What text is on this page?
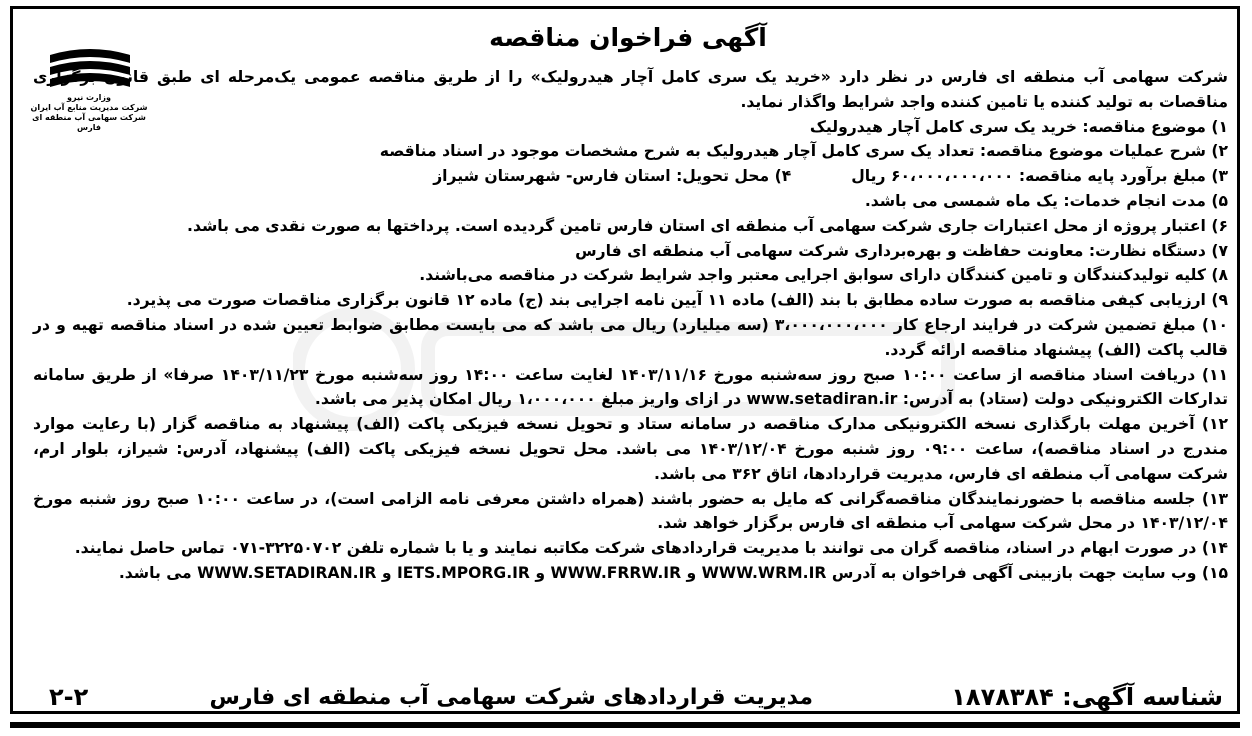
آگهی فراخوان مناقصه
وزارت نیرو
شرکت مدیریت منابع آب ایران
شرکت سهامی آب منطقه ای فارس

شرکت سهامی آب منطقه ای فارس در نظر دارد «خرید یک سری کامل آچار هیدرولیک» را از طریق مناقصه عمومی یک‌مرحله ای طبق قانون برگزاری مناقصات به تولید کننده یا تامین کننده واجد شرایط واگذار نماید.

۱) موضوع مناقصه: خرید یک سری کامل آچار هیدرولیک

۲) شرح عملیات موضوع مناقصه: تعداد یک سری کامل آچار هیدرولیک به شرح مشخصات موجود در اسناد مناقصه

۳) مبلغ برآورد پایه مناقصه: ۶۰،۰۰۰،۰۰۰،۰۰۰ ریال
۴) محل تحویل: استان فارس- شهرستان شیراز

۵) مدت انجام خدمات: یک ماه شمسی می باشد.

۶) اعتبار پروژه از محل اعتبارات جاری شرکت سهامی آب منطقه ای استان فارس تامین گردیده است. پرداختها به صورت نقدی می باشد.

۷) دستگاه نظارت: معاونت حفاظت و بهره‌برداری شرکت سهامی آب منطقه ای فارس

۸) کلیه تولیدکنندگان و تامین کنندگان دارای سوابق اجرایی معتبر واجد شرایط شرکت در مناقصه می‌باشند.

۹) ارزیابی کیفی مناقصه به صورت ساده مطابق با بند (الف) ماده ۱۱ آیین نامه اجرایی بند (ج) ماده ۱۲ قانون برگزاری مناقصات صورت می پذیرد.

۱۰) مبلغ تضمین شرکت در فرایند ارجاع کار ۳،۰۰۰،۰۰۰،۰۰۰ (سه میلیارد) ریال می باشد که می بایست مطابق ضوابط تعیین شده در اسناد مناقصه تهیه و در قالب پاکت (الف) پیشنهاد مناقصه ارائه گردد.

۱۱) دریافت اسناد مناقصه از ساعت ۱۰:۰۰ صبح روز سه‌شنبه مورخ ۱۴۰۳/۱۱/۱۶ لغایت ساعت ۱۴:۰۰ روز سه‌شنبه مورخ ۱۴۰۳/۱۱/۲۳ صرفا» از طریق سامانه تدارکات الکترونیکی دولت (ستاد) به آدرس: www.setadiran.ir در ازای واریز مبلغ ۱،۰۰۰،۰۰۰ ریال امکان پذیر می باشد.

۱۲) آخرین مهلت بارگذاری نسخه الکترونیکی مدارک مناقصه در سامانه ستاد و تحویل نسخه فیزیکی پاکت (الف) پیشنهاد به مناقصه گزار (با رعایت موارد مندرج در اسناد مناقصه)، ساعت ۰۹:۰۰ روز شنبه مورخ ۱۴۰۳/۱۲/۰۴ می باشد. محل تحویل نسخه فیزیکی پاکت (الف) پیشنهاد، آدرس: شیراز، بلوار ارم، شرکت سهامی آب منطقه ای فارس، مدیریت قراردادها، اتاق ۳۶۲ می باشد.

۱۳) جلسه مناقصه با حضورنمایندگان مناقصه‌گرانی که مایل به حضور باشند (همراه داشتن معرفی نامه الزامی است)، در ساعت ۱۰:۰۰ صبح روز شنبه مورخ ۱۴۰۳/۱۲/۰۴ در محل شرکت سهامی آب منطقه ای فارس برگزار خواهد شد.

۱۴) در صورت ابهام در اسناد، مناقصه گران می توانند با مدیریت قراردادهای شرکت مکاتبه نمایند و یا با شماره تلفن ۳۲۲۵۰۷۰۲-۰۷۱ تماس حاصل نمایند.

۱۵) وب سایت جهت بازبینی آگهی فراخوان به آدرس WWW.WRM.IR و WWW.FRRW.IR و IETS.MPORG.IR و WWW.SETADIRAN.IR می باشد.

شناسه آگهی: ۱۸۷۸۳۸۴
مدیریت قراردادهای شرکت سهامی آب منطقه ای فارس
۲-۲
